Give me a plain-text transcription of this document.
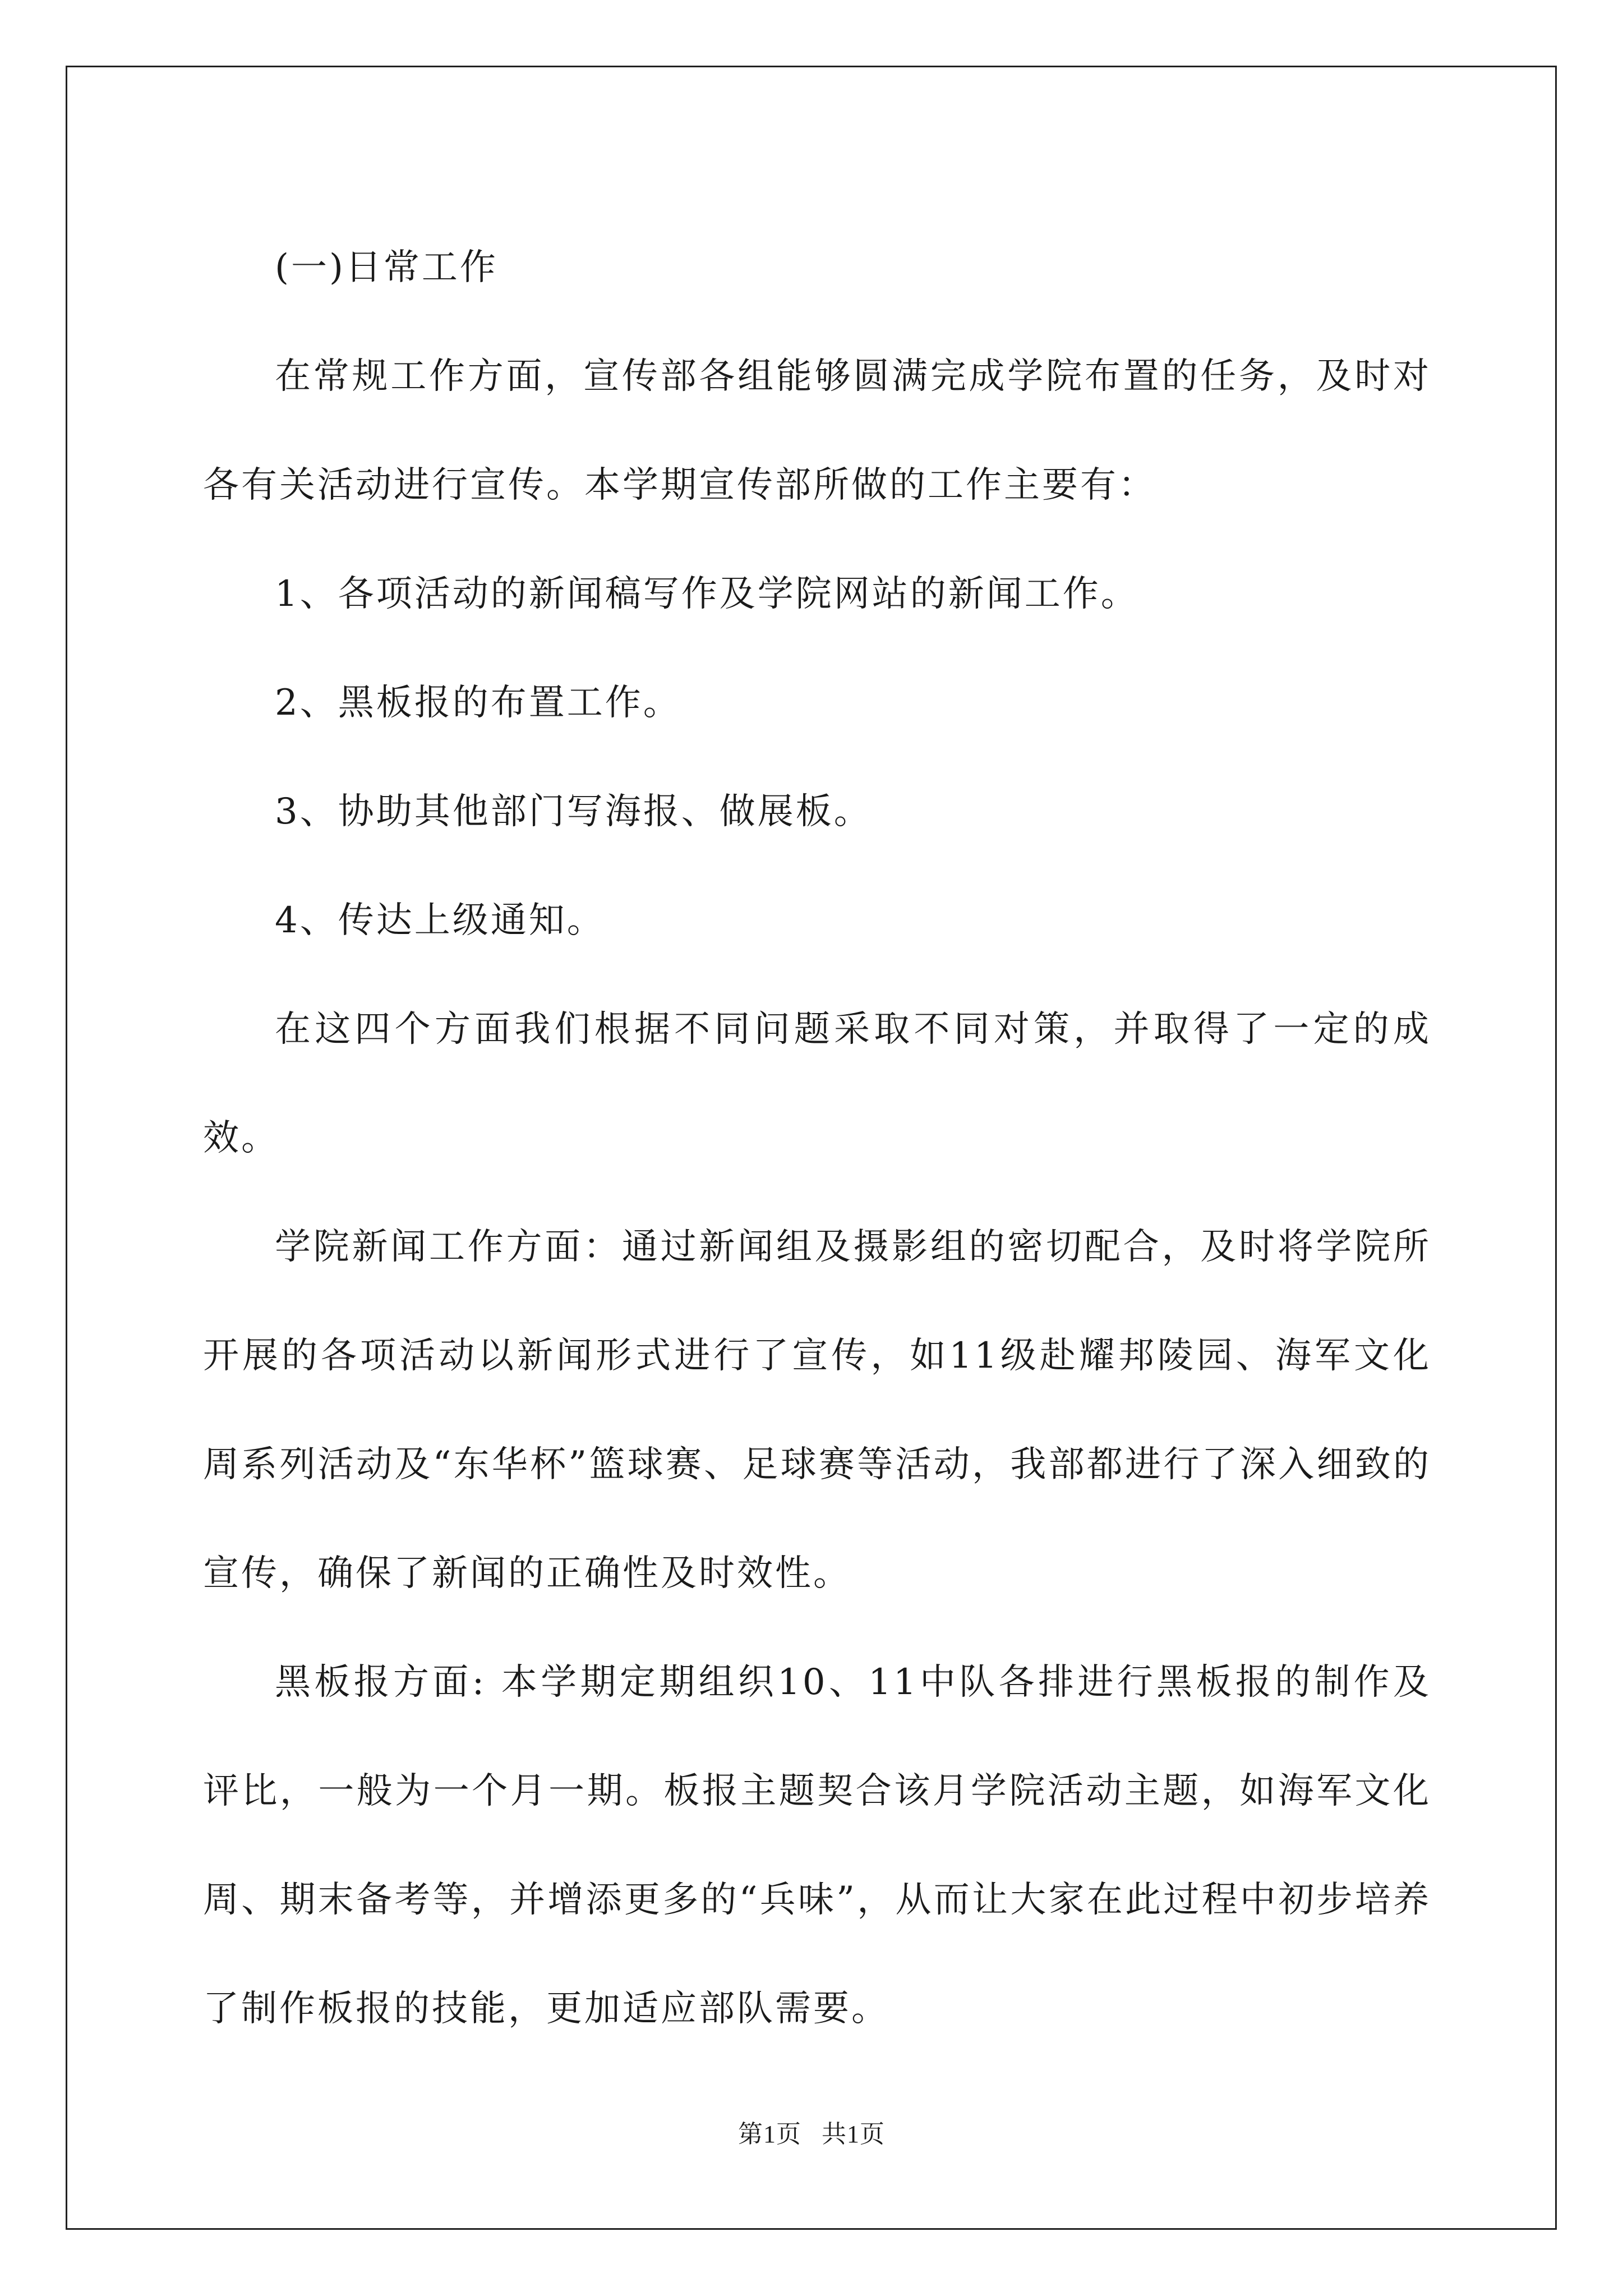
(一)日常工作

在常规工作方面，宣传部各组能够圆满完成学院布置的任务，及时对各有关活动进行宣传。本学期宣传部所做的工作主要有：

1、各项活动的新闻稿写作及学院网站的新闻工作。

2、黑板报的布置工作。

3、协助其他部门写海报、做展板。

4、传达上级通知。

在这四个方面我们根据不同问题采取不同对策，并取得了一定的成效。

学院新闻工作方面：通过新闻组及摄影组的密切配合，及时将学院所开展的各项活动以新闻形式进行了宣传，如11级赴耀邦陵园、海军文化周系列活动及“东华杯”篮球赛、足球赛等活动，我部都进行了深入细致的宣传，确保了新闻的正确性及时效性。

黑板报方面: 本学期定期组织10、11中队各排进行黑板报的制作及评比，一般为一个月一期。板报主题契合该月学院活动主题，如海军文化周、期末备考等，并增添更多的“兵味”，从而让大家在此过程中初步培养了制作板报的技能，更加适应部队需要。

第1页 共1页
